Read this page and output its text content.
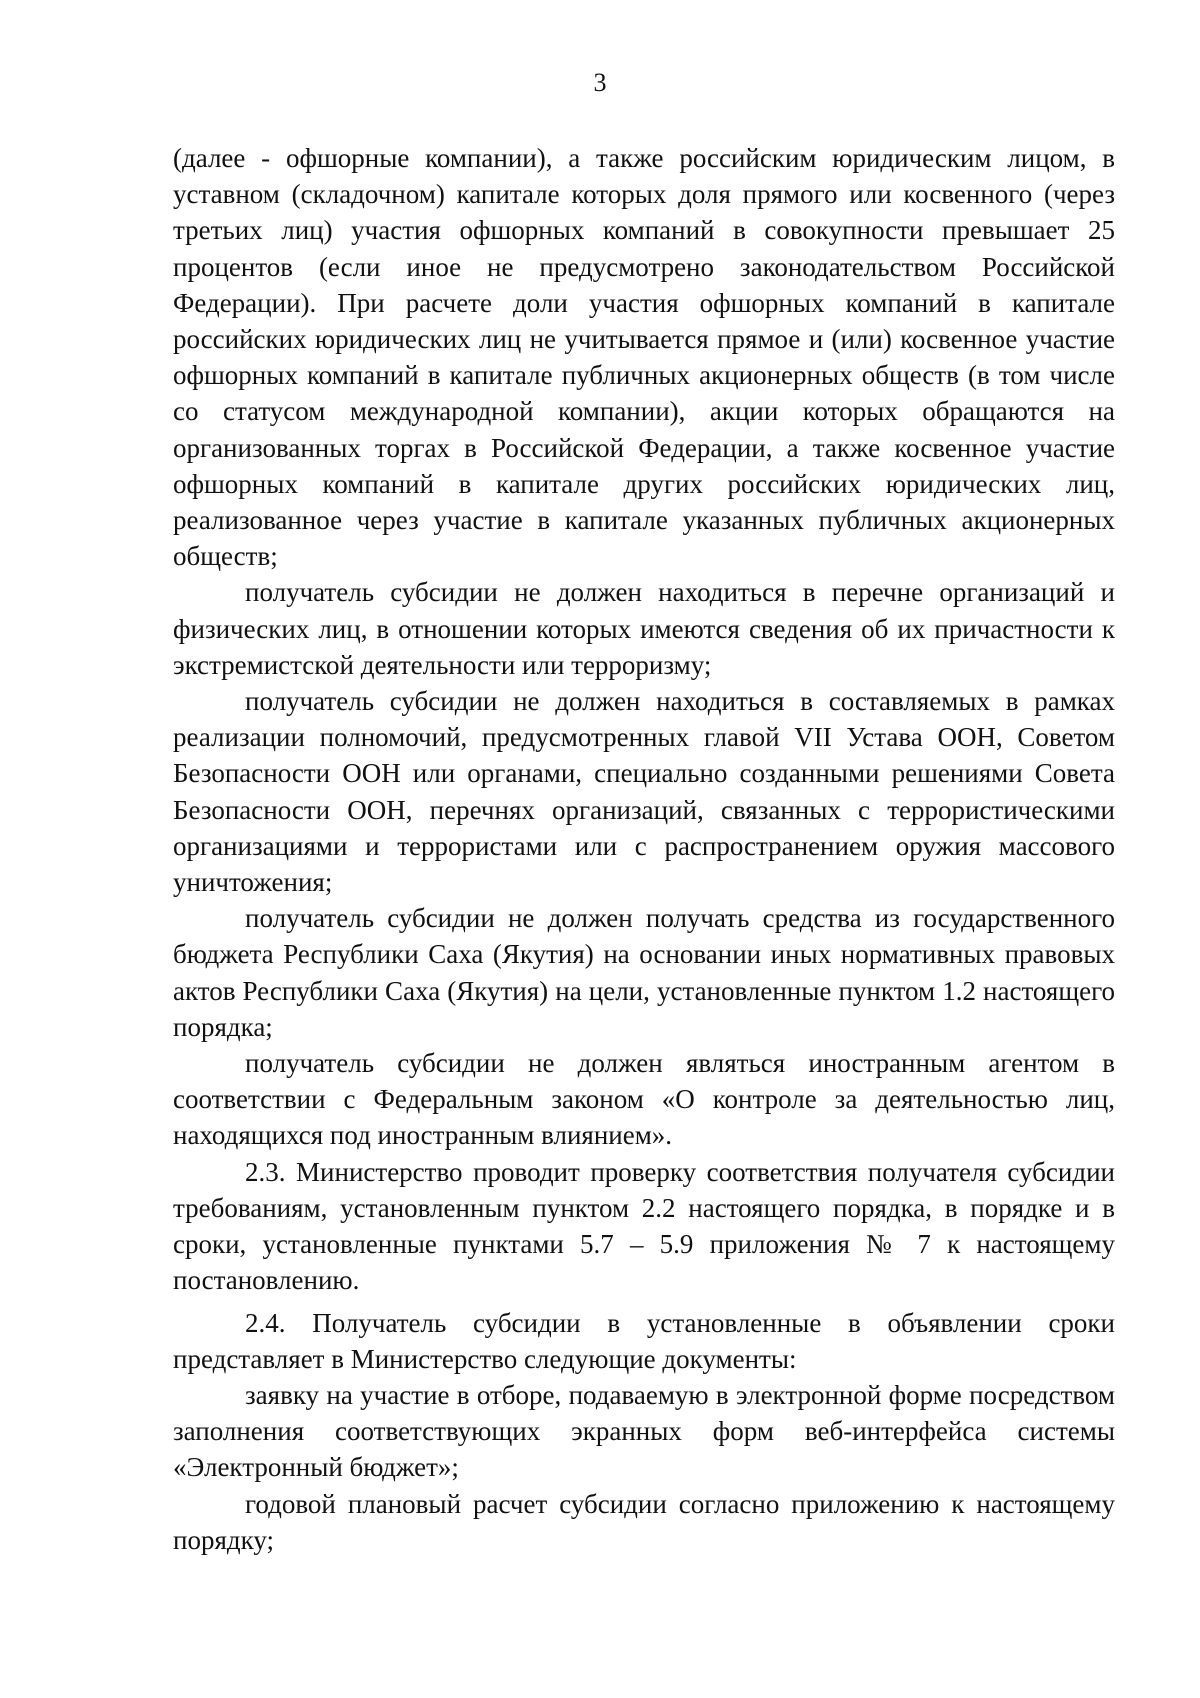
3

(далее - офшорные компании), а также российским юридическим лицом, в уставном (складочном) капитале которых доля прямого или косвенного (через третьих лиц) участия офшорных компаний в совокупности превышает 25 процентов (если иное не предусмотрено законодательством Российской Федерации). При расчете доли участия офшорных компаний в капитале российских юридических лиц не учитывается прямое и (или) косвенное участие офшорных компаний в капитале публичных акционерных обществ (в том числе со статусом международной компании), акции которых обращаются на организованных торгах в Российской Федерации, а также косвенное участие офшорных компаний в капитале других российских юридических лиц, реализованное через участие в капитале указанных публичных акционерных обществ;

получатель субсидии не должен находиться в перечне организаций и физических лиц, в отношении которых имеются сведения об их причастности к экстремистской деятельности или терроризму;

получатель субсидии не должен находиться в составляемых в рамках реализации полномочий, предусмотренных главой VII Устава ООН, Советом Безопасности ООН или органами, специально созданными решениями Совета Безопасности ООН, перечнях организаций, связанных с террористическими организациями и террористами или с распространением оружия массового уничтожения;

получатель субсидии не должен получать средства из государственного бюджета Республики Саха (Якутия) на основании иных нормативных правовых актов Республики Саха (Якутия) на цели, установленные пунктом 1.2 настоящего порядка;

получатель субсидии не должен являться иностранным агентом в соответствии с Федеральным законом «О контроле за деятельностью лиц, находящихся под иностранным влиянием».

2.3. Министерство проводит проверку соответствия получателя субсидии требованиям, установленным пунктом 2.2 настоящего порядка, в порядке и в сроки, установленные пунктами 5.7 – 5.9 приложения № 7 к настоящему постановлению.

2.4. Получатель субсидии в установленные в объявлении сроки представляет в Министерство следующие документы:

заявку на участие в отборе, подаваемую в электронной форме посредством заполнения соответствующих экранных форм веб-интерфейса системы «Электронный бюджет»;

годовой плановый расчет субсидии согласно приложению к настоящему порядку;
